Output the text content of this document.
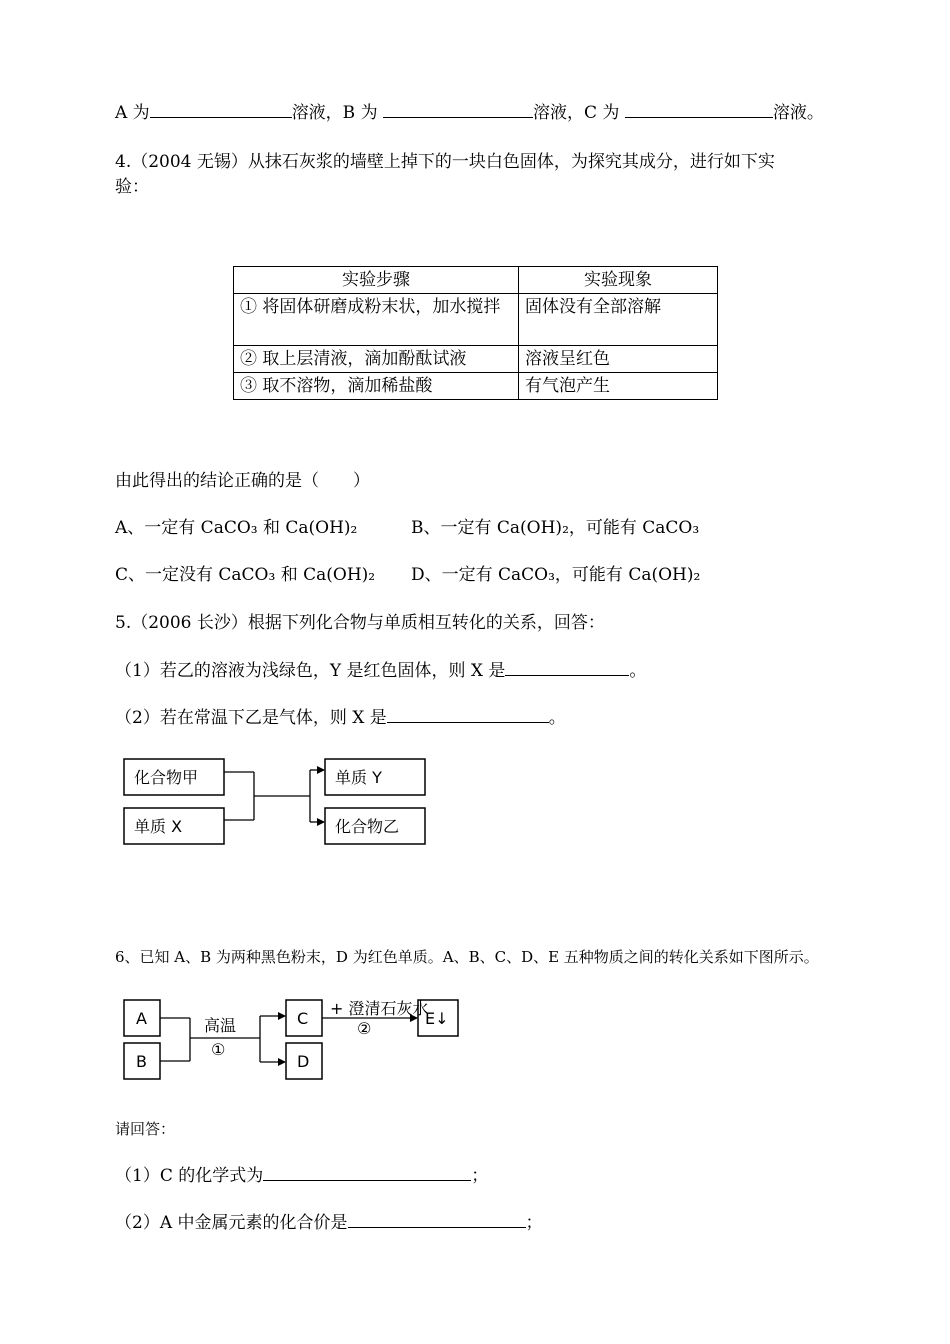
A 为	溶液，B 为	溶液，C 为	溶液。
4.（2004 无锡）从抹石灰浆的墙壁上掉下的一块白色固体，为探究其成分，进行如下实
验：
实验步骤	实验现象
① 将固体研磨成粉末状，加水搅拌	固体没有全部溶解
② 取上层清液，滴加酚酞试液	溶液呈红色
③ 取不溶物，滴加稀盐酸	有气泡产生
由此得出的结论正确的是（　　）
A、一定有 CaCO₃ 和 Ca(OH)₂	B、一定有 Ca(OH)₂，可能有 CaCO₃
C、一定没有 CaCO₃ 和 Ca(OH)₂ D、一定有 CaCO₃，可能有 Ca(OH)₂
5.（2006 长沙）根据下列化合物与单质相互转化的关系，回答：
（1）若乙的溶液为浅绿色，Y 是红色固体，则 X 是	。
（2）若在常温下乙是气体，则 X 是	。
化合物甲
单质 X
单质 Y
化合物乙
A
B
C
D
E↓
高温
①
+ 澄清石灰水
②
6、已知 A、B 为两种黑色粉末，D 为红色单质。A、B、C、D、E 五种物质之间的转化关系如下图所示。
请回答：
（1）C 的化学式为	；
（2）A 中金属元素的化合价是	；
